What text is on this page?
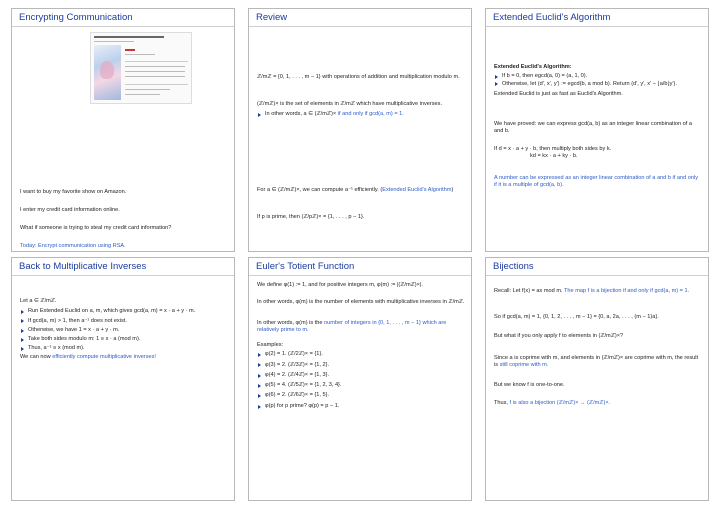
Encrypting Communication

I want to buy my favorite show on Amazon.

I enter my credit card information online.

What if someone is trying to steal my credit card information?

Today: Encrypt communication using RSA.

Review

ℤ/mℤ = {0, 1, . . . , m − 1} with operations of addition and multiplication modulo m.

(ℤ/mℤ)× is the set of elements in ℤ/mℤ which have multiplicative inverses.

In other words, a ∈ (ℤ/mℤ)× if and only if gcd(a, m) = 1.

For a ∈ (ℤ/mℤ)×, we can compute a⁻¹ efficiently. (Extended Euclid's Algorithm)

If p is prime, then (ℤ/pℤ)× = {1, . . . , p − 1}.

Extended Euclid's Algorithm

Extended Euclid's Algorithm:

If b = 0, then egcd(a, 0) = (a, 1, 0).
Otherwise, let (d′, x′, y′) := egcd(b, a mod b). Return (d′, y′, x′ − ⌊a/b⌋y′).

Extended Euclid is just as fast as Euclid's Algorithm.

We have proved: we can express gcd(a, b) as an integer linear combination of a and b.

If d = x · a + y · b, then multiply both sides by k.

kd = kx · a + ky · b.

A number can be expressed as an integer linear combination of a and b if and only if it is a multiple of gcd(a, b).

Back to Multiplicative Inverses

Let a ∈ ℤ/mℤ.

Run Extended Euclid on a, m, which gives gcd(a, m) = x · a + y · m.
If gcd(a, m) > 1, then a⁻¹ does not exist.
Otherwise, we have 1 = x · a + y · m.
Take both sides modulo m: 1 ≡ x · a (mod m).
Thus, a⁻¹ ≡ x (mod m).

We can now efficiently compute multiplicative inverses!

Euler's Totient Function

We define φ(1) := 1, and for positive integers m, φ(m) := |(ℤ/mℤ)×|.

In other words, φ(m) is the number of elements with multiplicative inverses in ℤ/mℤ.

In other words, φ(m) is the number of integers in {0, 1, . . . , m − 1} which are relatively prime to m.

Examples:

φ(2) = 1. (ℤ/2ℤ)× = {1}.
φ(3) = 2. (ℤ/3ℤ)× = {1, 2}.
φ(4) = 2. (ℤ/4ℤ)× = {1, 3}.
φ(5) = 4. (ℤ/5ℤ)× = {1, 2, 3, 4}.
φ(6) = 2. (ℤ/6ℤ)× = {1, 5}.
φ(p) for p prime? φ(p) = p − 1.
Bijections

Recall: Let f(x) = ax mod m. The map f is a bijection if and only if gcd(a, m) = 1.

So if gcd(a, m) = 1, {0, 1, 2, . . . , m − 1} = {0, a, 2a, . . . , (m − 1)a}.

But what if you only apply f to elements in (ℤ/mℤ)×?

Since a is coprime with m, and elements in (ℤ/mℤ)× are coprime with m, the result is still coprime with m.

But we know f is one-to-one.

Thus, f is also a bijection (ℤ/mℤ)× → (ℤ/mℤ)×.
